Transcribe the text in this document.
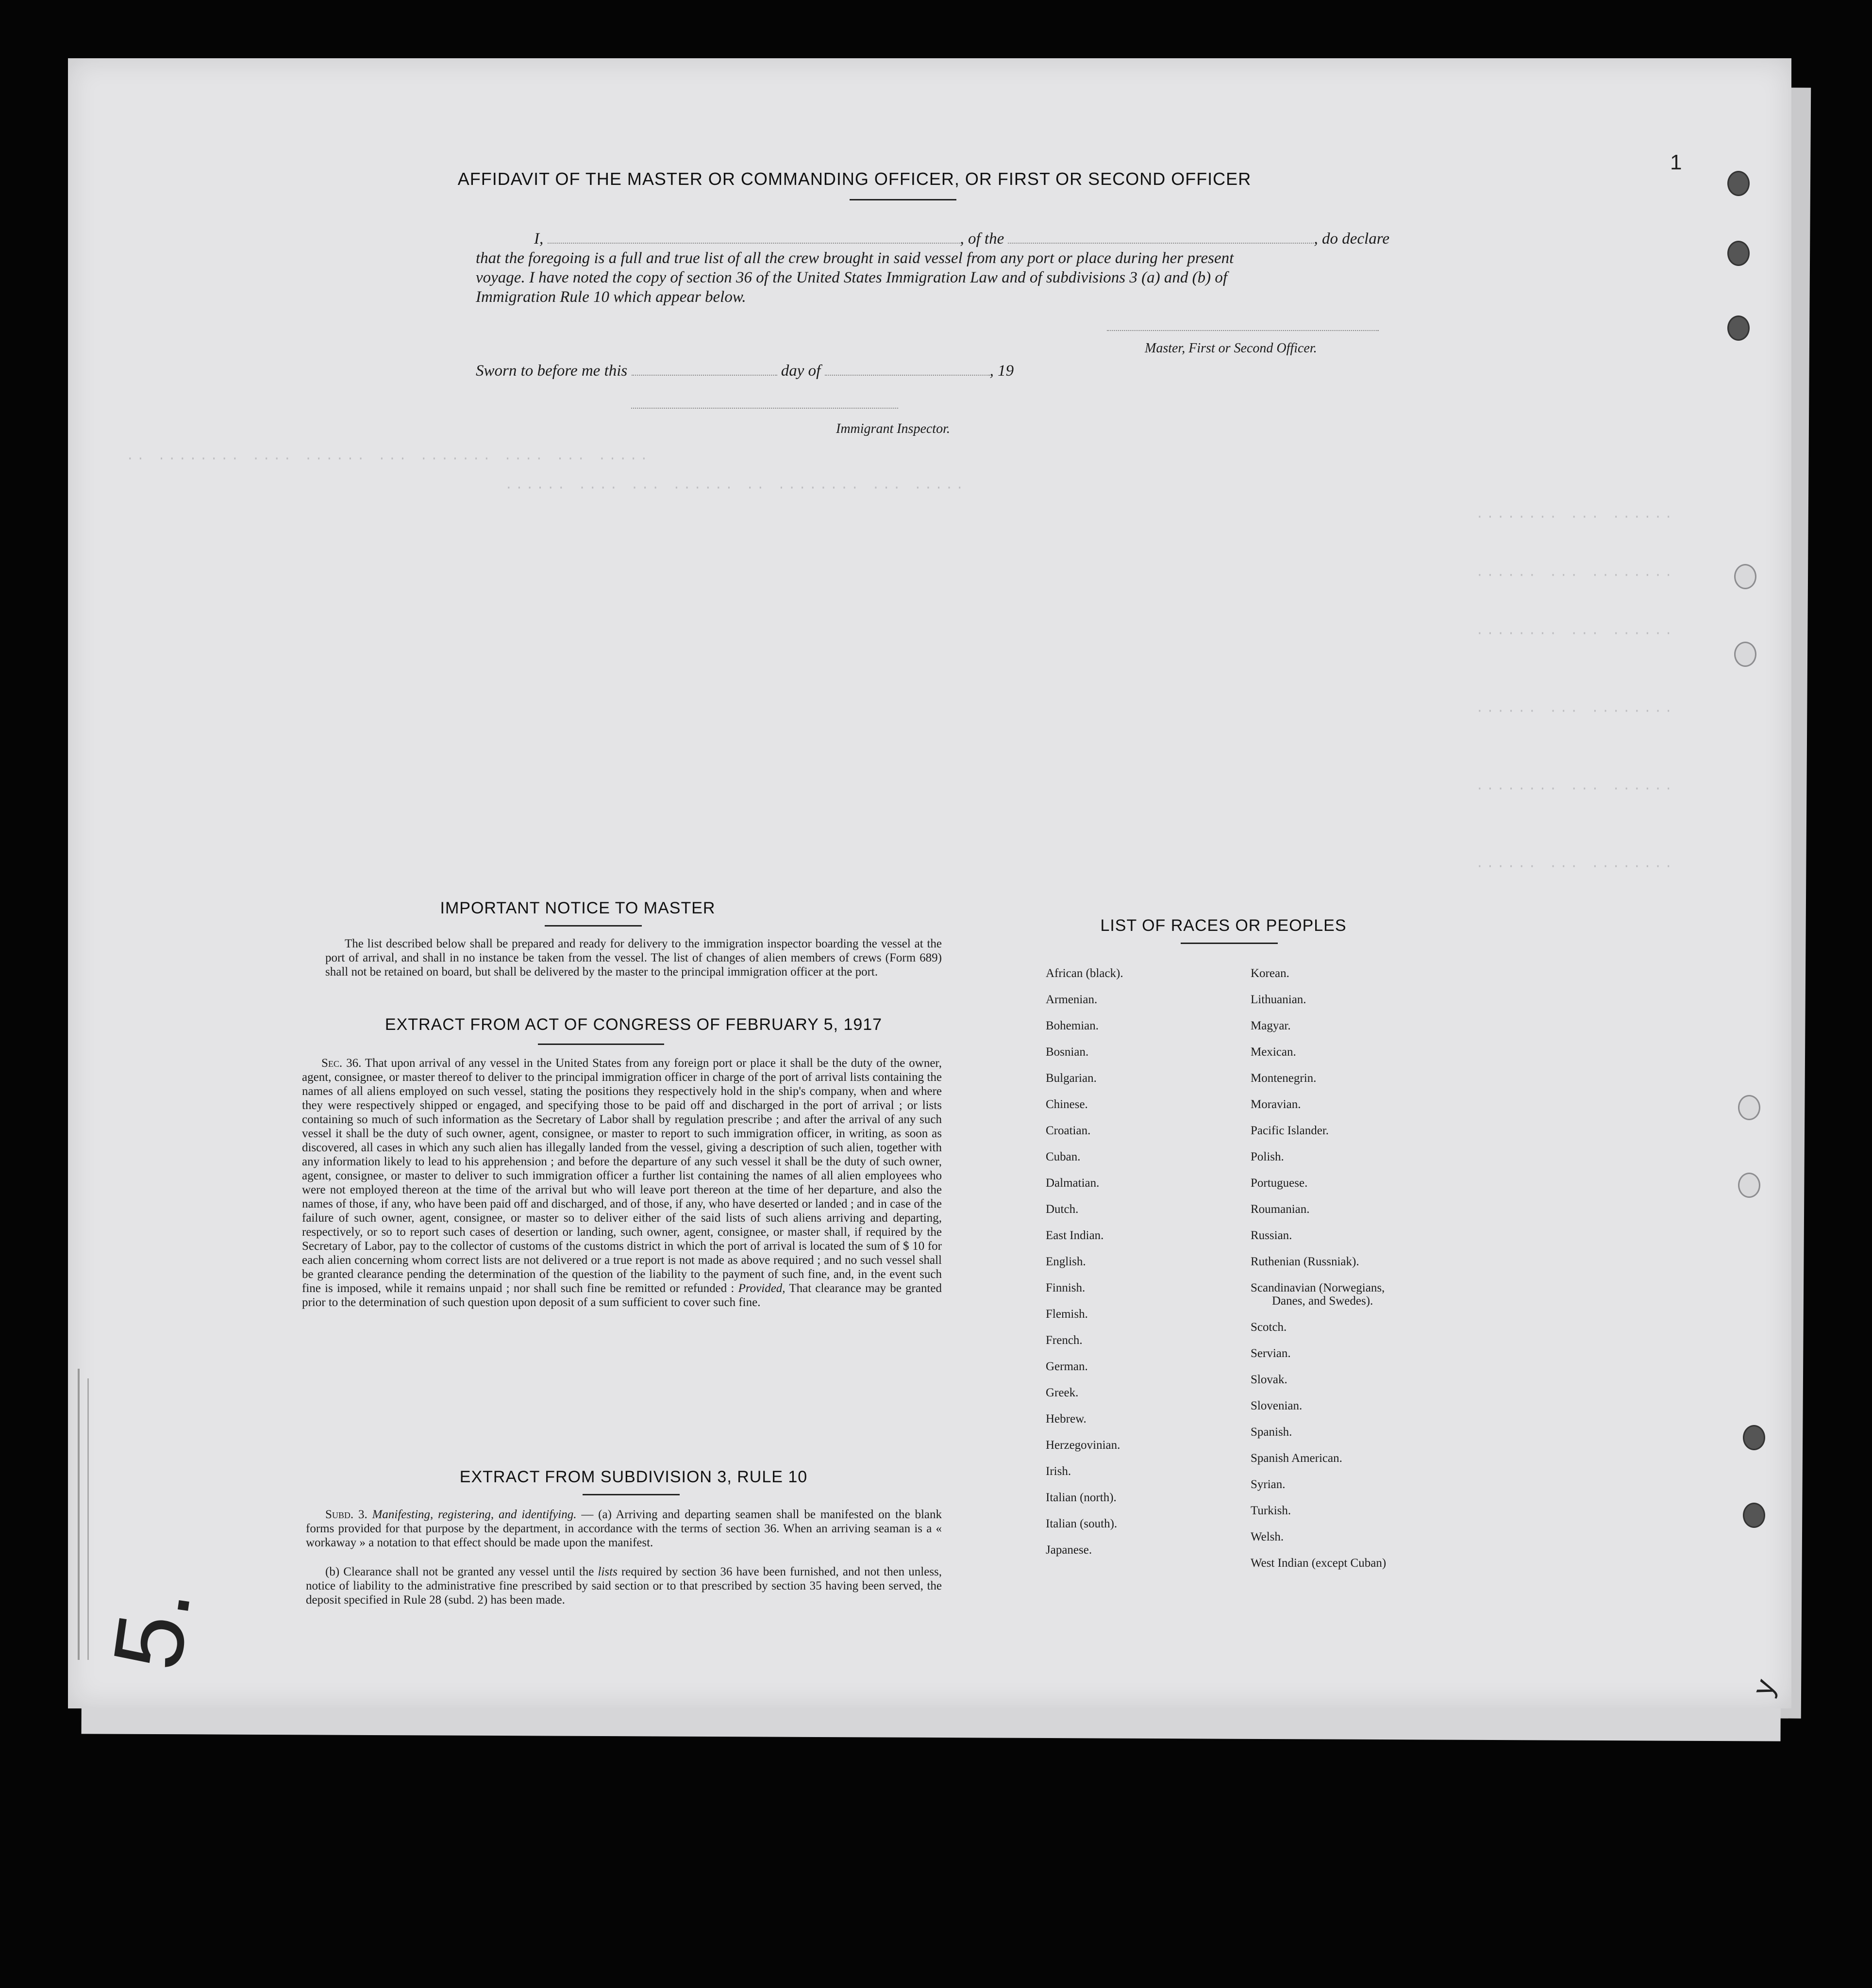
·· ········ ···· ······ ··· ······· ···· ··· ·····
······ ···· ··· ······ ·· ········ ··· ·····
········ ··· ······
······ ··· ········
········ ··· ······
······ ··· ········
········ ··· ······
······ ··· ········
AFFIDAVIT OF THE MASTER OR COMMANDING OFFICER, OR FIRST OR SECOND OFFICER
I,	, of the	, do declare
that the foregoing is a full and true list of all the crew brought in said vessel from any port or place during her present
voyage. I have noted the copy of section 36 of the United States Immigration Law and of subdivisions 3 (a) and (b) of
Immigration Rule 10 which appear below.
Master, First or Second Officer.
Sworn to before me this	day of	, 19
Immigrant Inspector.
IMPORTANT NOTICE TO MASTER
The list described below shall be prepared and ready for delivery to the immigration inspector boarding the vessel at the port of arrival, and shall in no instance be taken from the vessel. The list of changes of alien members of crews (Form 689) shall not be retained on board, but shall be delivered by the master to the principal immigration officer at the port.
EXTRACT FROM ACT OF CONGRESS OF FEBRUARY 5, 1917
Sec. 36. That upon arrival of any vessel in the United States from any foreign port or place it shall be the duty of the owner, agent, consignee, or master thereof to deliver to the principal immigration officer in charge of the port of arrival lists containing the names of all aliens employed on such vessel, stating the positions they respectively hold in the ship's company, when and where they were respectively shipped or engaged, and specifying those to be paid off and discharged in the port of arrival ; or lists containing so much of such information as the Secretary of Labor shall by regulation prescribe ; and after the arrival of any such vessel it shall be the duty of such owner, agent, consignee, or master to report to such immigration officer, in writing, as soon as discovered, all cases in which any such alien has illegally landed from the vessel, giving a description of such alien, together with any information likely to lead to his apprehension ; and before the departure of any such vessel it shall be the duty of such owner, agent, consignee, or master to deliver to such immigration officer a further list containing the names of all alien employees who were not employed thereon at the time of the arrival but who will leave port thereon at the time of her departure, and also the names of those, if any, who have been paid off and discharged, and of those, if any, who have deserted or landed ; and in case of the failure of such owner, agent, consignee, or master so to deliver either of the said lists of such aliens arriving and departing, respectively, or so to report such cases of desertion or landing, such owner, agent, consignee, or master shall, if required by the Secretary of Labor, pay to the collector of customs of the customs district in which the port of arrival is located the sum of $ 10 for each alien concerning whom correct lists are not delivered or a true report is not made as above required ; and no such vessel shall be granted clearance pending the determination of the question of the liability to the payment of such fine, and, in the event such fine is imposed, while it remains unpaid ; nor shall such fine be remitted or refunded : Provided, That clearance may be granted prior to the determination of such question upon deposit of a sum sufficient to cover such fine.
EXTRACT FROM SUBDIVISION 3, RULE 10
Subd. 3. Manifesting, registering, and identifying. — (a) Arriving and departing seamen shall be manifested on the blank forms provided for that purpose by the department, in accordance with the terms of section 36. When an arriving seaman is a « workaway » a notation to that effect should be made upon the manifest.
(b) Clearance shall not be granted any vessel until the lists required by section 36 have been furnished, and not then unless, notice of liability to the administrative fine prescribed by said section or to that prescribed by section 35 having been served, the deposit specified in Rule 28 (subd. 2) has been made.
LIST OF RACES OR PEOPLES
African (black).
Armenian.
Bohemian.
Bosnian.
Bulgarian.
Chinese.
Croatian.
Cuban.
Dalmatian.
Dutch.
East Indian.
English.
Finnish.
Flemish.
French.
German.
Greek.
Hebrew.
Herzegovinian.
Irish.
Italian (north).
Italian (south).
Japanese.
Korean.
Lithuanian.
Magyar.
Mexican.
Montenegrin.
Moravian.
Pacific Islander.
Polish.
Portuguese.
Roumanian.
Russian.
Ruthenian (Russniak).
Scandinavian (Norwegians,
Danes, and Swedes).
Scotch.
Servian.
Slovak.
Slovenian.
Spanish.
Spanish American.
Syrian.
Turkish.
Welsh.
West Indian (except Cuban)
5.
1
y
